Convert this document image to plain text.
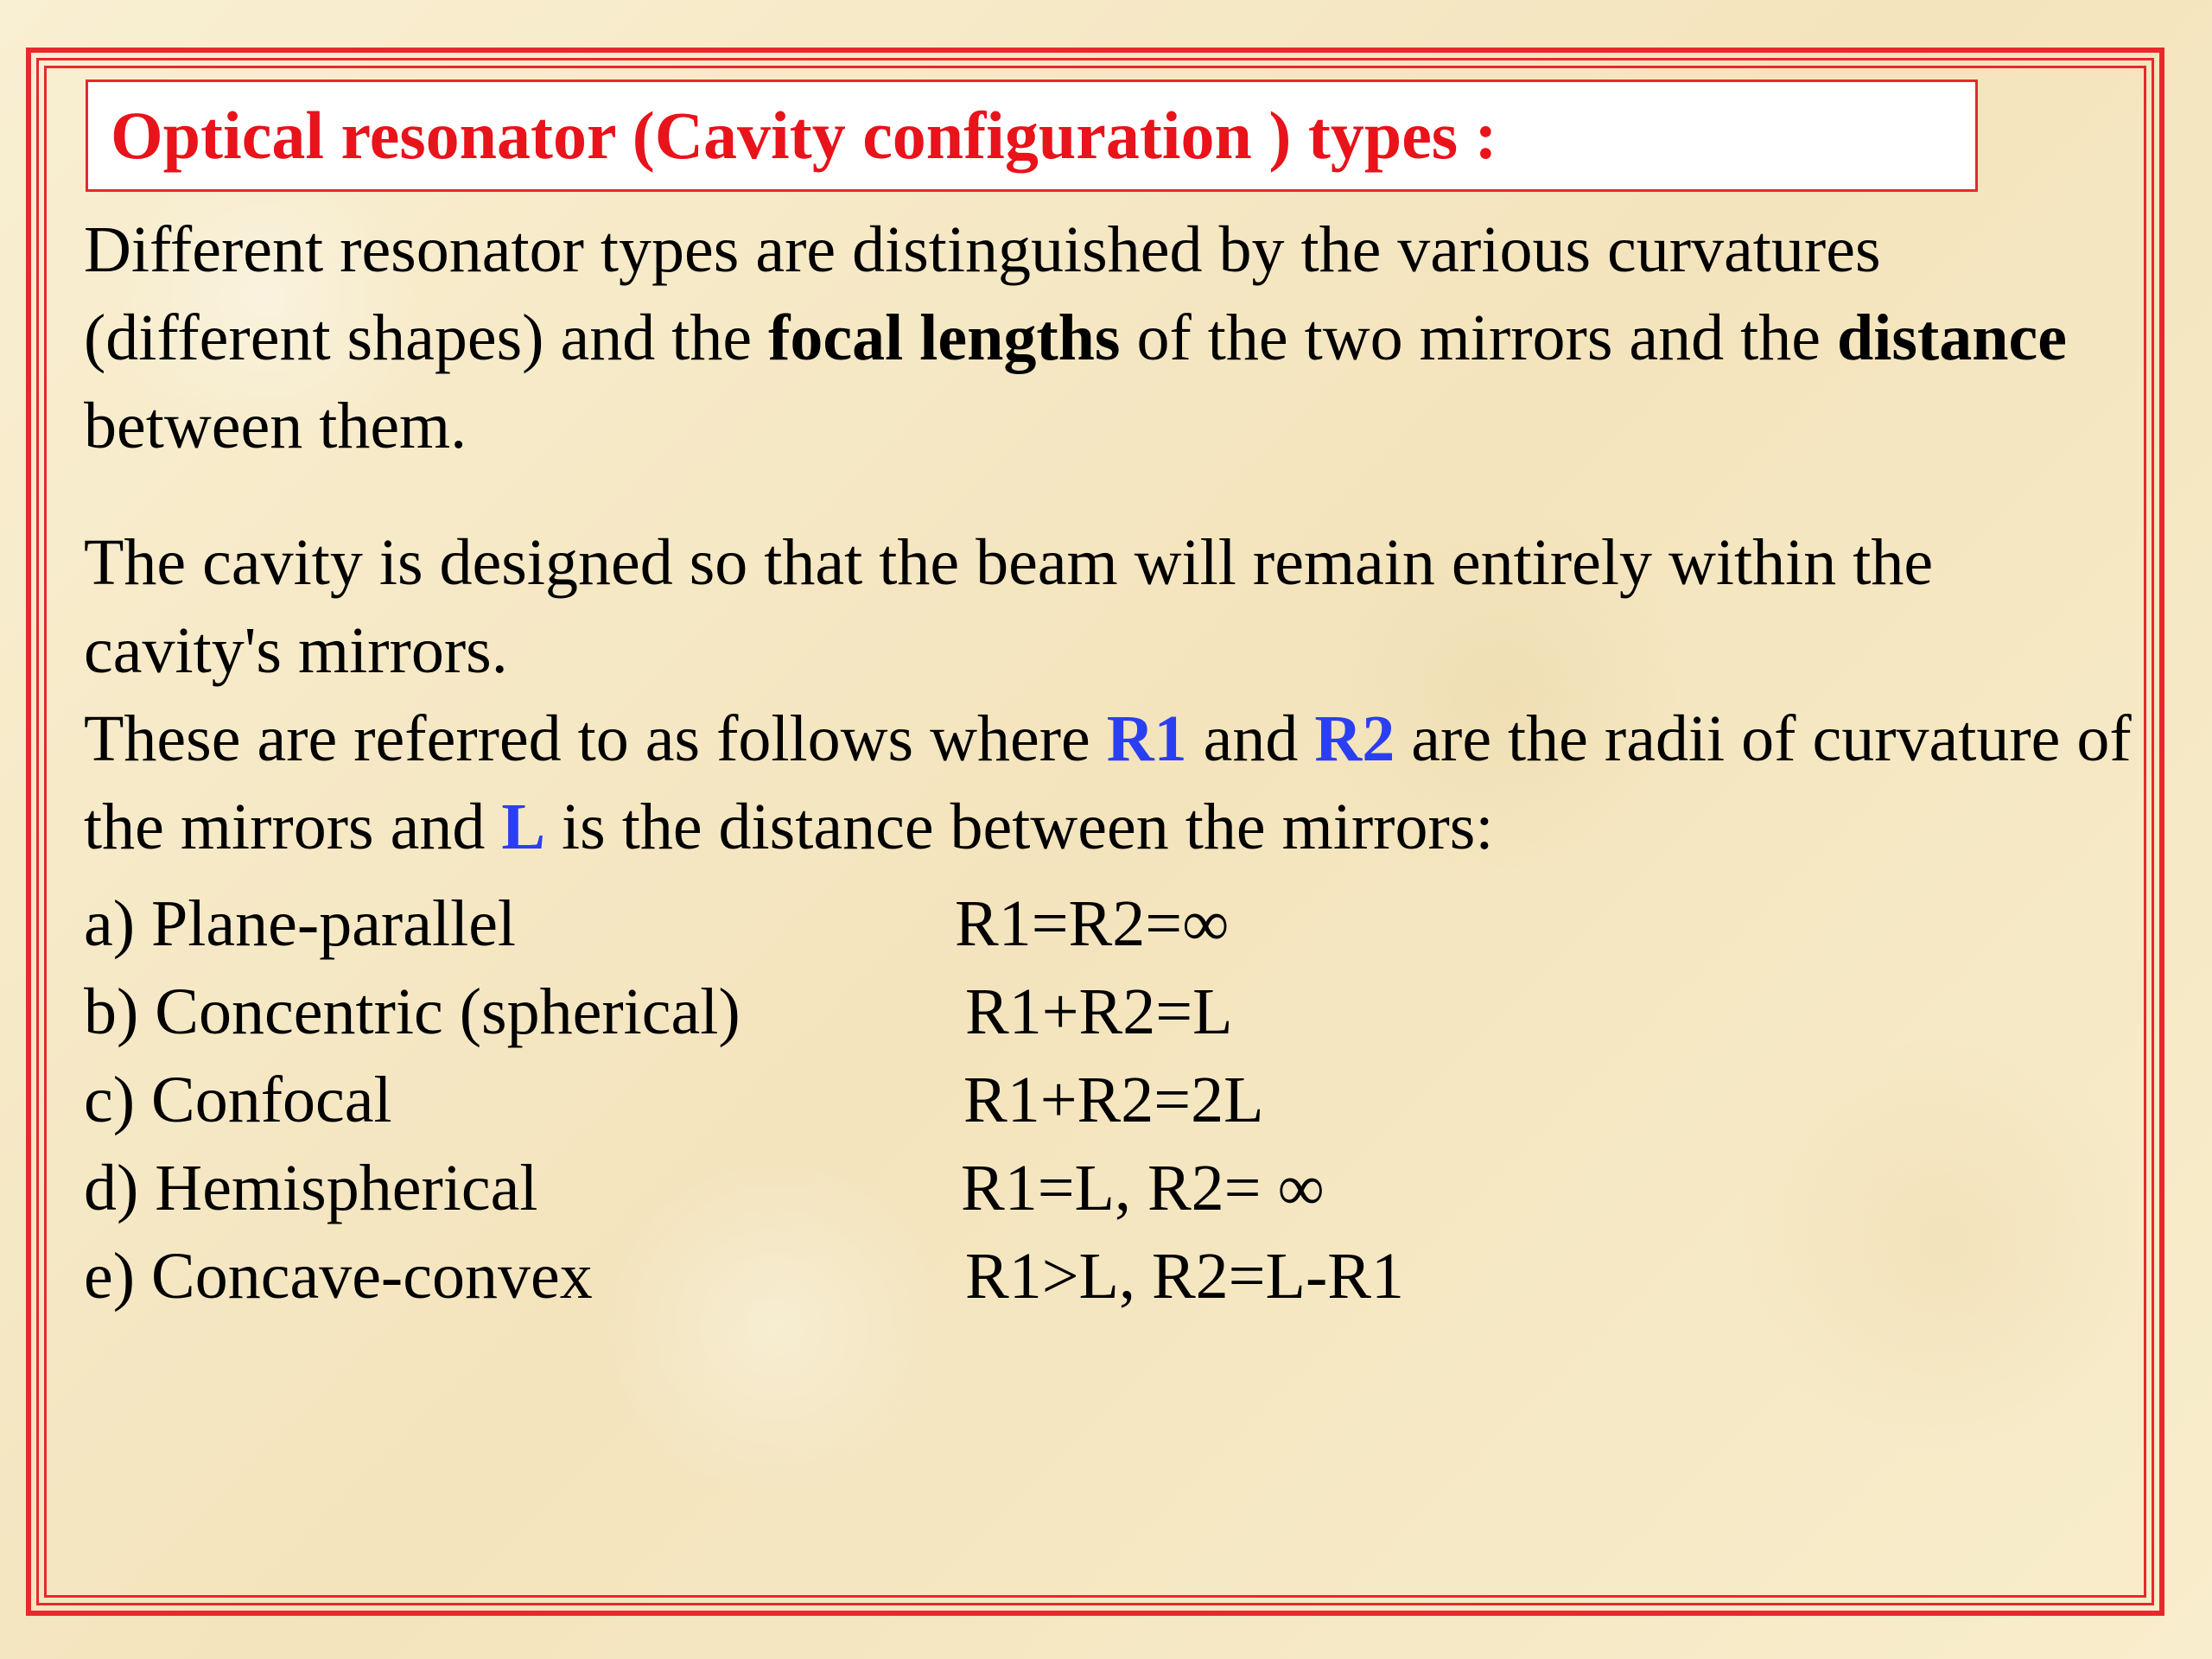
Optical resonator (Cavity configuration ) types :

Different resonator types are distinguished by the various curvatures (different shapes) and the focal lengths of the two mirrors and the distance between them.

The cavity is designed so that the beam will remain entirely within the cavity's mirrors.
These are referred to as follows where R1 and R2 are the radii of curvature of the mirrors and L is the distance between the mirrors:

a) Plane-parallel	R1=R2=∞
b) Concentric (spherical)	R1+R2=L
c) Confocal	R1+R2=2L
d) Hemispherical	R1=L, R2= ∞
e) Concave-convex	R1>L, R2=L-R1
